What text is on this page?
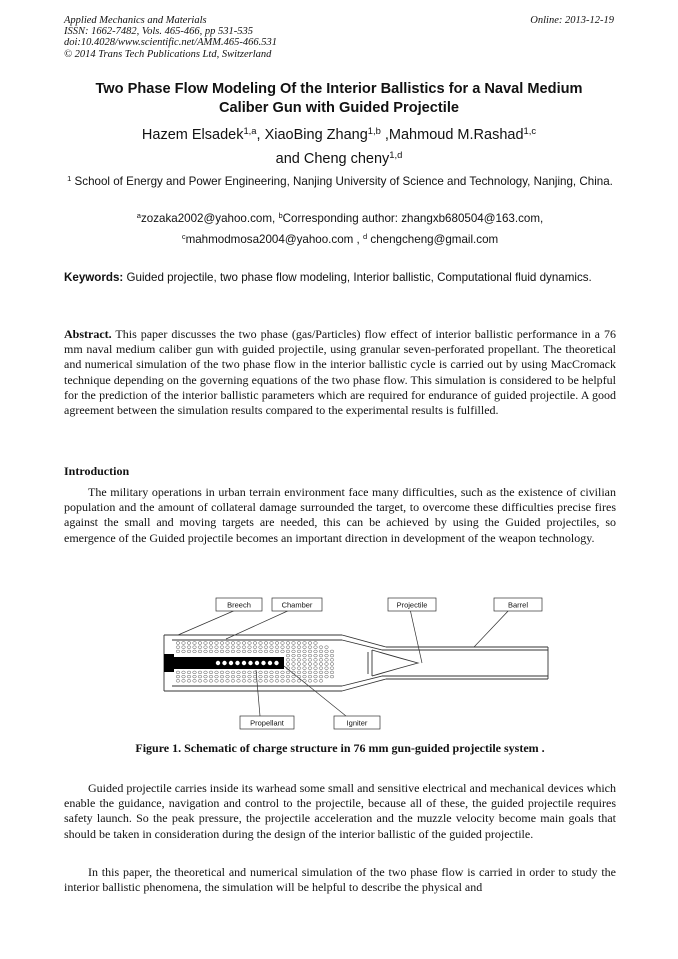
Applied Mechanics and Materials
ISSN: 1662-7482, Vols. 465-466, pp 531-535
doi:10.4028/www.scientific.net/AMM.465-466.531
© 2014 Trans Tech Publications Ltd, Switzerland
Online: 2013-12-19
Two Phase Flow Modeling Of the Interior Ballistics for a Naval Medium
Caliber Gun with Guided Projectile
Hazem Elsadek$^{1,a}$, XiaoBing Zhang$^{1,b}$ ,Mahmoud M.Rashad$^{1,c}$
and Cheng cheny$^{1,d}$
$^1$ School of Energy and Power Engineering, Nanjing University of Science and Technology, Nanjing, China.
$^a$zozaka2002@yahoo.com, $^b$Corresponding author: zhangxb680504@163.com,
$^c$mahmodmosa2004@yahoo.com , $^d$ chengcheng@gmail.com
Keywords: Guided projectile, two phase flow modeling, Interior ballistic, Computational fluid dynamics.
Abstract. This paper discusses the two phase (gas/Particles) flow effect of interior ballistic performance in a 76 mm naval medium caliber gun with guided projectile, using granular seven-perforated propellant. The theoretical and numerical simulation of the two phase flow in the interior ballistic cycle is carried out by using MacCromack technique depending on the governing equations of the two phase flow. This simulation is considered to be helpful for the prediction of the interior ballistic parameters which are required for endurance of guided projectile. A good agreement between the simulation results compared to the experimental results is fulfilled.
Introduction
The military operations in urban terrain environment face many difficulties, such as the existence of civilian population and the amount of collateral damage surrounded the target, to overcome these difficulties precise fires against the small and moving targets are needed, this can be achieved by using the Guided projectiles, so emergence of the Guided projectile becomes an important direction in development of the weapon technology.
Breech	Chamber	Projectile	Barrel
Propellant	Igniter
Figure 1. Schematic of charge structure in 76 mm gun-guided projectile system .
Guided projectile carries inside its warhead some small and sensitive electrical and mechanical devices which enable the guidance, navigation and control to the projectile, because all of these, the guided projectile requires safety launch. So the peak pressure, the projectile acceleration and the muzzle velocity become main goals that should be taken in consideration during the design of the interior ballistic of the guided projectile.
In this paper, the theoretical and numerical simulation of the two phase flow is carried in order to study the interior ballistic phenomena, the simulation will be helpful to describe the physical and
